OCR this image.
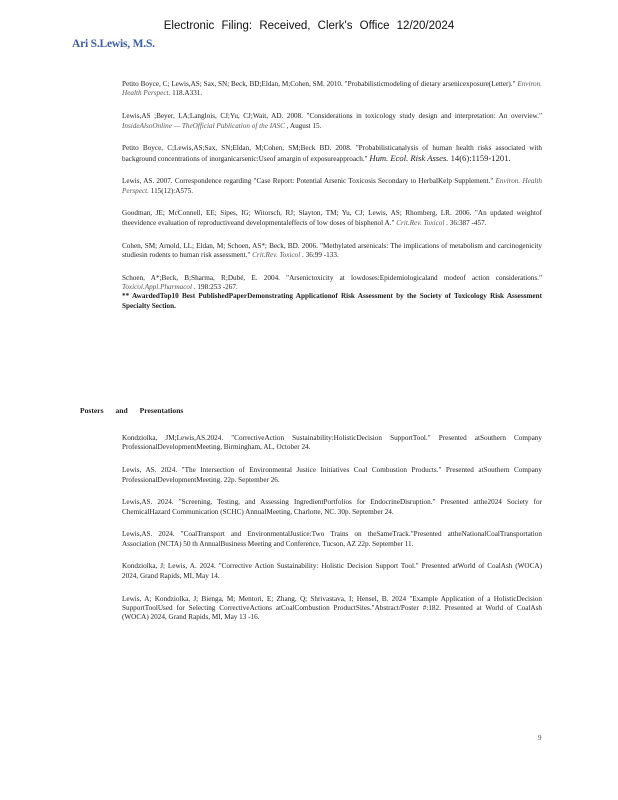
Electronic Filing: Received, Clerk's Office 12/20/2024
Ari S.Lewis, M.S.

Petito Boyce, C; Lewis,AS; Sax, SN; Beck, BD;Eldan, M;Cohen, SM. 2010. "Probabilisticmodeling of dietary arsenicexposure(Letter)." Environ. Health Perspect. 118.A331.

Lewis,AS ;Beyer, LA;Langlois, CJ;Yu, CJ;Wait, AD. 2008. "Considerations in toxicology study design and interpretation: An overview." InsideAlsoOnline — TheOfficial Publication of the IASC , August 15.

Petito Boyce, C;Lewis,AS;Sax, SN;Eldan, M;Cohen, SM;Beck BD. 2008. "Probabilisticanalysis of human health risks associated with background concentrations of inorganicarsenic:Useof amargin of exposureapproach." Hum. Ecol. Risk Asses. 14(6):1159-1201.

Lewis, AS. 2007. Correspondence regarding "Case Report: Potential Arsenic Toxicosis Secondary to HerbalKelp Supplement." Environ. Health Perspect. 115(12):A575.

Goodman, JE; McConnell, EE; Sipes, IG; Witorsch, RJ; Slayton, TM; Yu, CJ; Lewis, AS; Rhomberg, LR. 2006. "An updated weightof theevidence evaluation of reproductiveand developmentaleffects of low doses of bisphenol A." Crit.Rev. Toxicol . 36:387 -457.

Cohen, SM; Arnold, LL; Eldan, M; Schoen, AS*; Beck, BD. 2006. "Methylated arsenicals: The implications of metabolism and carcinogenicity studiesin rodents to human risk assessment." Crit.Rev. Toxicol . 36:99 -133.

Schoen, A*;Beck, B;Sharma, R;Dubé, E. 2004. "Arsenictoxicity at lowdoses:Epidemiologicaland modeof action considerations." Toxicol.Appl.Pharmacol . 198:253 -267.
** AwardedTop10 Best PublishedPaperDemonstrating Applicationof Risk Assessment by the Society of Toxicology Risk Assessment Specialty Section.

Posters and Presentations

Kondziolka, JM;Lewis,AS.2024. "CorrectiveAction Sustainability:HolisticDecision SupportTool." Presented atSouthern Company ProfessionalDevelopmentMeeting, Birmingham, AL, October 24.

Lewis, AS. 2024. "The Intersection of Environmental Justice Initiatives Coal Combustion Products." Presented atSouthern Company ProfessionalDevelopmentMeeting. 22p. September 26.

Lewis,AS. 2024. "Screening, Testing, and Assessing IngredientPortfolios for EndocrineDisruption." Presented atthe2024 Society for ChemicalHazard Communication (SCHC) AnnualMeeting, Charlotte, NC. 30p. September 24.

Lewis,AS. 2024. "CoalTransport and EnvironmentalJustice:Two Trains on theSameTrack."Presented attheNationalCoalTransportation Association (NCTA) 50 th AnnualBusiness Meeting and Conference, Tucson, AZ 22p. September 11.

Kondziolka, J; Lewis, A. 2024. "Corrective Action Sustainability: Holistic Decision Support Tool." Presented atWorld of CoalAsh (WOCA) 2024, Grand Rapids, MI, May 14.

Lewis, A; Kondziolka, J; Bienga, M; Mentori, E; Zhang, Q; Shrivastava, I; Hensel, B. 2024 "Example Application of a HolisticDecision SupportToolUsed for Selecting CorrectiveActions atCoalCombustion ProductSites."Abstract/Poster #:182. Presented at World of CoalAsh (WOCA) 2024, Grand Rapids, MI, May 13 -16.

9
